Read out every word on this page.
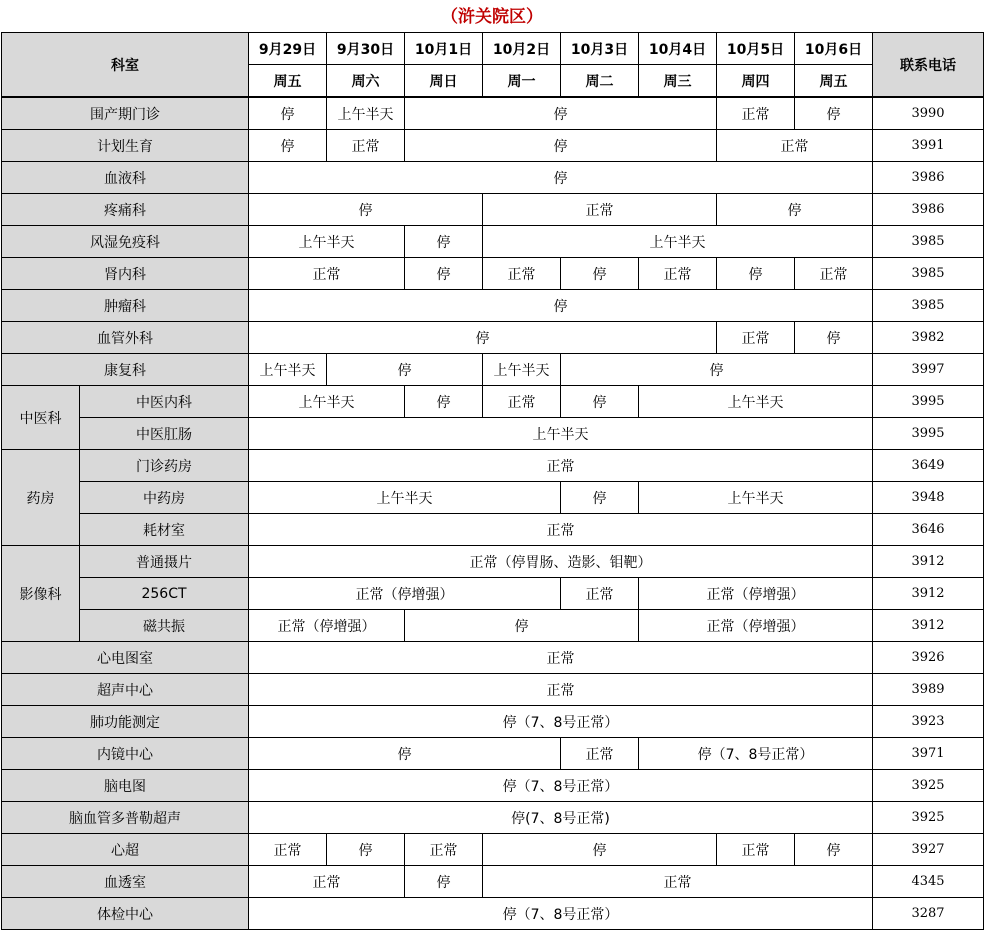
（浒关院区）
科室		9月29日	9月30日	10月1日	10月2日	10月3日	10月4日	10月5日	10月6日	联系电话
		周五	周六	周日	周一	周二	周三	周四	周五	
围产期门诊		停	上午半天	停				正常	停	3990
计划生育		停	正常	停				正常		3991
血液科		停								3986
疼痛科		停			正常			停		3986
风湿免疫科		上午半天		停	上午半天					3985
肾内科		正常		停	正常	停	正常	停	正常	3985
肿瘤科		停								3985
血管外科		停						正常	停	3982
康复科		上午半天	停		上午半天	停				3997
中医科	中医内科	上午半天		停	正常	停	上午半天			3995
	中医肛肠	上午半天								3995
药房	门诊药房	正常								3649
	中药房	上午半天				停	上午半天			3948
	耗材室	正常								3646
影像科	普通摄片	正常（停胃肠、造影、钼靶）								3912
	256CT	正常（停增强）				正常	正常（停增强）			3912
	磁共振	正常（停增强）		停			正常（停增强）			3912
心电图室		正常								3926
超声中心		正常								3989
肺功能测定		停（7、8号正常）								3923
内镜中心		停				正常	停（7、8号正常）			3971
脑电图		停（7、8号正常）								3925
脑血管多普勒超声		停(7、8号正常)								3925
心超		正常	停	正常	停			正常	停	3927
血透室		正常		停	正常					4345
体检中心		停（7、8号正常）								3287
